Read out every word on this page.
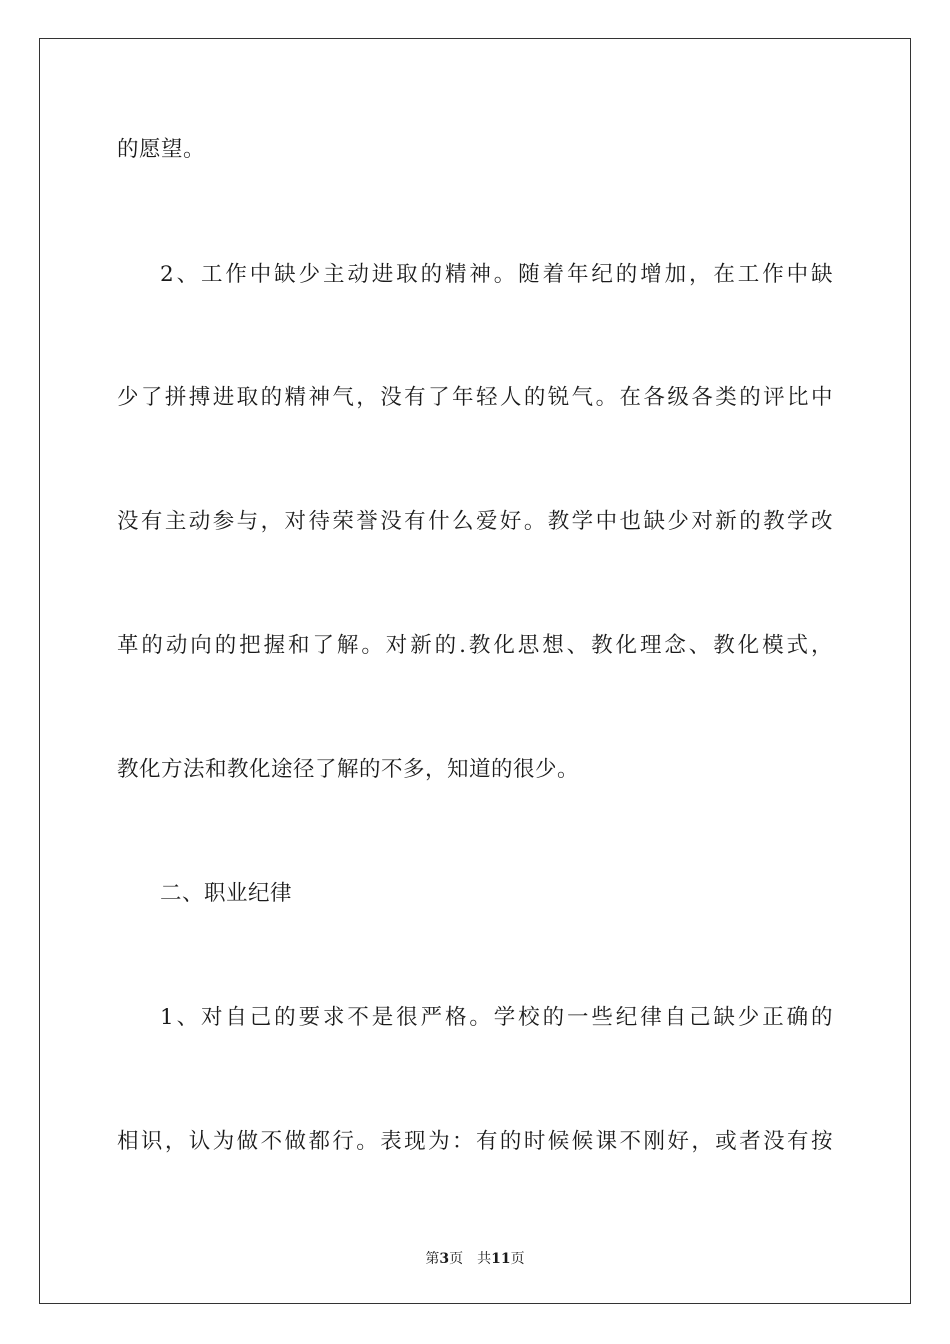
的愿望。
2、工作中缺少主动进取的精神。随着年纪的增加，在工作中缺
少了拼搏进取的精神气，没有了年轻人的锐气。在各级各类的评比中
没有主动参与，对待荣誉没有什么爱好。教学中也缺少对新的教学改
革的动向的把握和了解。对新的.教化思想、教化理念、教化模式，
教化方法和教化途径了解的不多，知道的很少。
二、职业纪律
1、对自己的要求不是很严格。学校的一些纪律自己缺少正确的
相识，认为做不做都行。表现为：有的时候候课不刚好，或者没有按
第3页 共11页
